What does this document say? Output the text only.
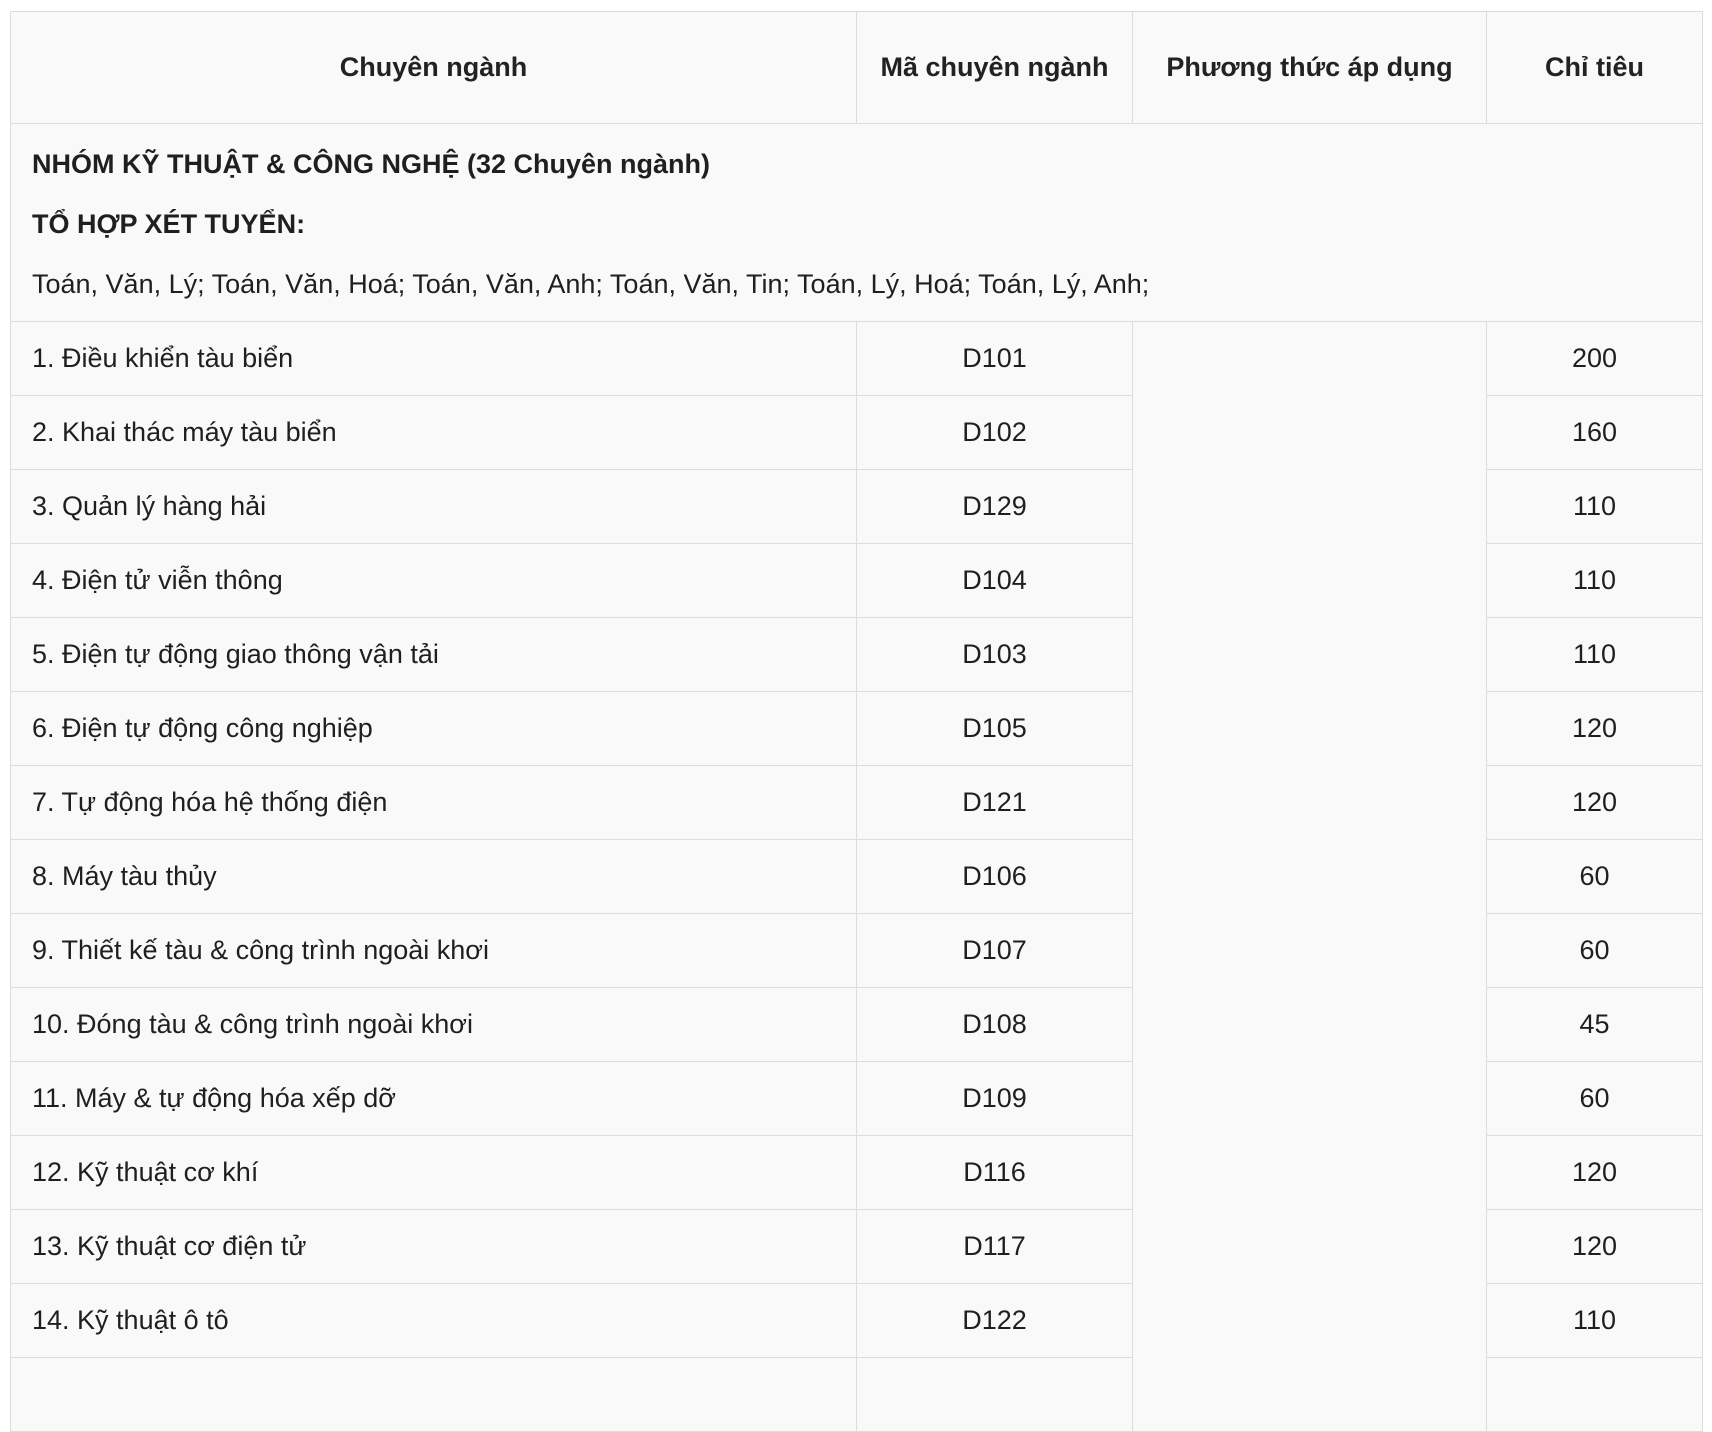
Chuyên ngành	Mã chuyên ngành	Phương thức áp dụng	Chỉ tiêu

NHÓM KỸ THUẬT & CÔNG NGHỆ (32 Chuyên ngành)

TỔ HỢP XÉT TUYỂN:

Toán, Văn, Lý; Toán, Văn, Hoá; Toán, Văn, Anh; Toán, Văn, Tin; Toán, Lý, Hoá; Toán, Lý, Anh;			

1. Điều khiển tàu biển	D101		200
2. Khai thác máy tàu biển	D102		160
3. Quản lý hàng hải	D129		110
4. Điện tử viễn thông	D104		110
5. Điện tự động giao thông vận tải	D103		110
6. Điện tự động công nghiệp	D105		120
7. Tự động hóa hệ thống điện	D121		120
8. Máy tàu thủy	D106		60
9. Thiết kế tàu & công trình ngoài khơi	D107		60
10. Đóng tàu & công trình ngoài khơi	D108		45
11. Máy & tự động hóa xếp dỡ	D109		60
12. Kỹ thuật cơ khí	D116		120
13. Kỹ thuật cơ điện tử	D117		120
14. Kỹ thuật ô tô	D122		110
